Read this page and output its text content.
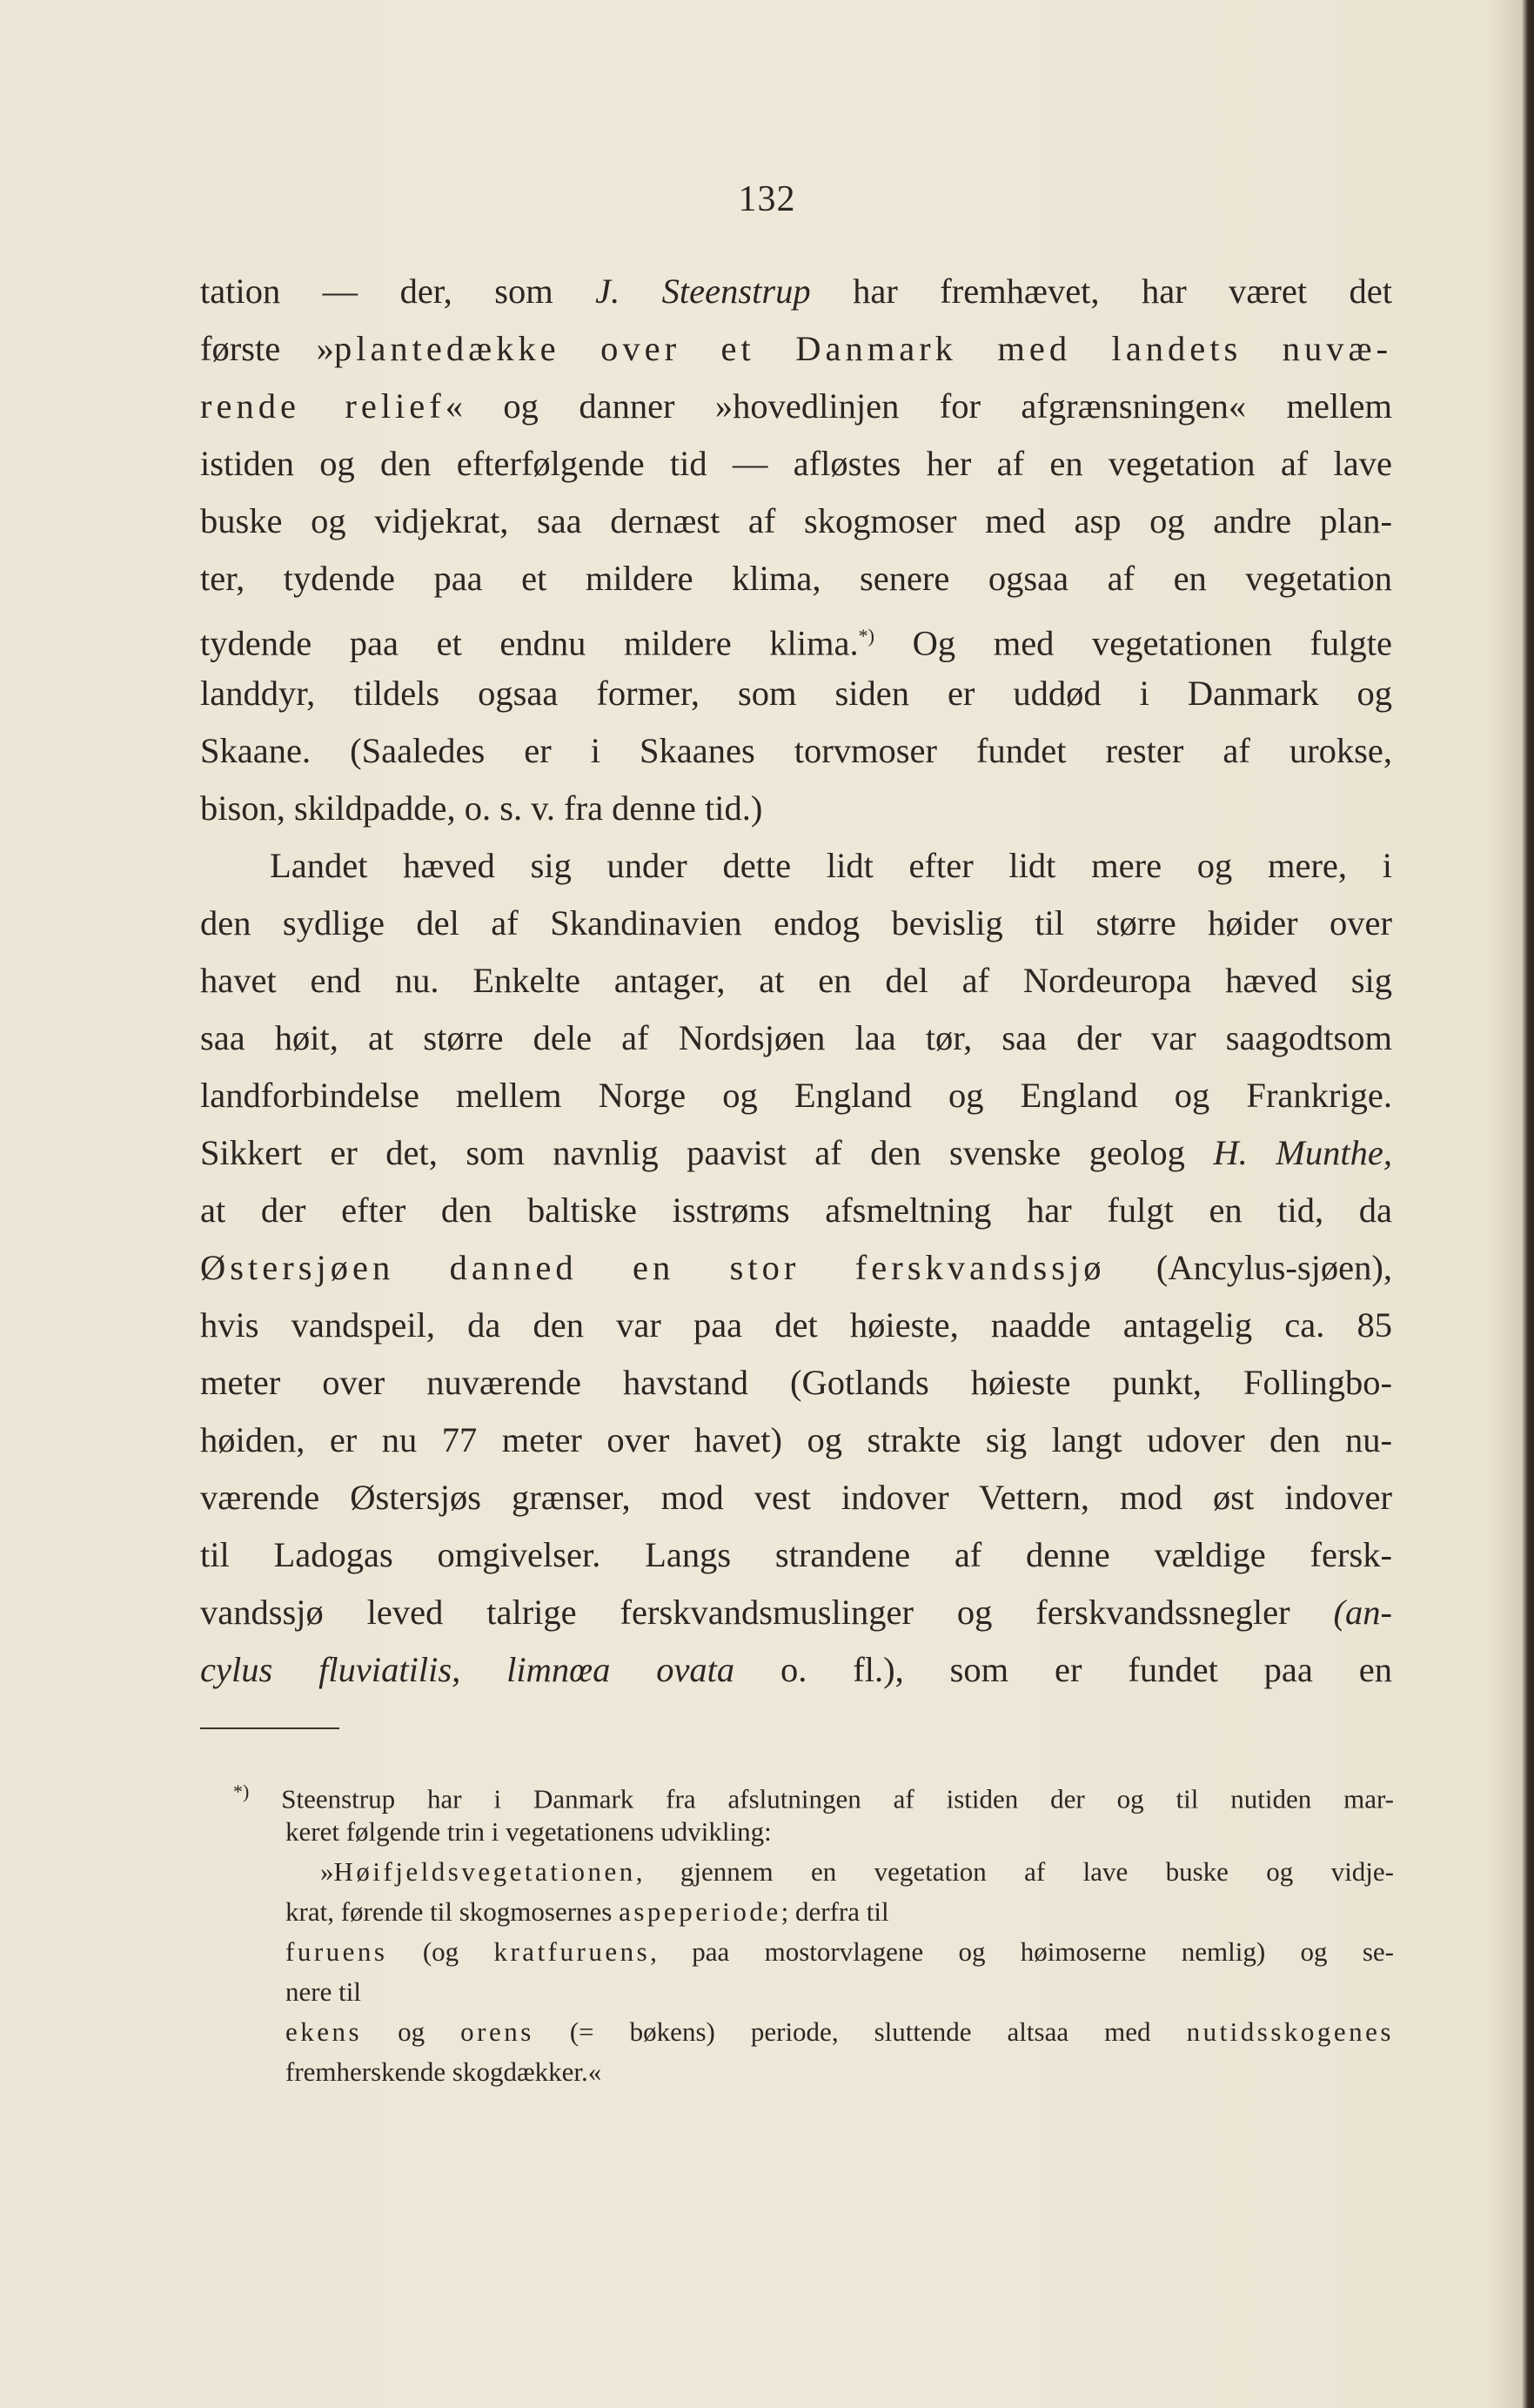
132
tation — der, som J. Steenstrup har fremhævet, har været det
første »plantedække over et Danmark med landets nuvæ-
rende relief« og danner »hovedlinjen for afgrænsningen« mellem
istiden og den efterfølgende tid — afløstes her af en vegetation af lave
buske og vidjekrat, saa dernæst af skogmoser med asp og andre plan-
ter, tydende paa et mildere klima, senere ogsaa af en vegetation
tydende paa et endnu mildere klima.*) Og med vegetationen fulgte
landdyr, tildels ogsaa former, som siden er uddød i Danmark og
Skaane. (Saaledes er i Skaanes torvmoser fundet rester af urokse,
bison, skildpadde, o. s. v. fra denne tid.)
Landet hæved sig under dette lidt efter lidt mere og mere, i
den sydlige del af Skandinavien endog bevislig til større høider over
havet end nu. Enkelte antager, at en del af Nordeuropa hæved sig
saa høit, at større dele af Nordsjøen laa tør, saa der var saagodtsom
landforbindelse mellem Norge og England og England og Frankrige.
Sikkert er det, som navnlig paavist af den svenske geolog H. Munthe,
at der efter den baltiske isstrøms afsmeltning har fulgt en tid, da
Østersjøen danned en stor ferskvandssjø (Ancylus-sjøen),
hvis vandspeil, da den var paa det høieste, naadde antagelig ca. 85
meter over nuværende havstand (Gotlands høieste punkt, Follingbo-
høiden, er nu 77 meter over havet) og strakte sig langt udover den nu-
værende Østersjøs grænser, mod vest indover Vettern, mod øst indover
til Ladogas omgivelser. Langs strandene af denne vældige fersk-
vandssjø leved talrige ferskvandsmuslinger og ferskvandssnegler (an-
cylus fluviatilis, limnœa ovata o. fl.), som er fundet paa en
*) Steenstrup har i Danmark fra afslutningen af istiden der og til nutiden mar-
keret følgende trin i vegetationens udvikling:
»Høifjeldsvegetationen, gjennem en vegetation af lave buske og vidje-
krat, førende til skogmosernes aspeperiode; derfra til
furuens (og kratfuruens, paa mostorvlagene og høimoserne nemlig) og se-
nere til
ekens og orens (= bøkens) periode, sluttende altsaa med nutidsskogenes
fremherskende skogdækker.«
